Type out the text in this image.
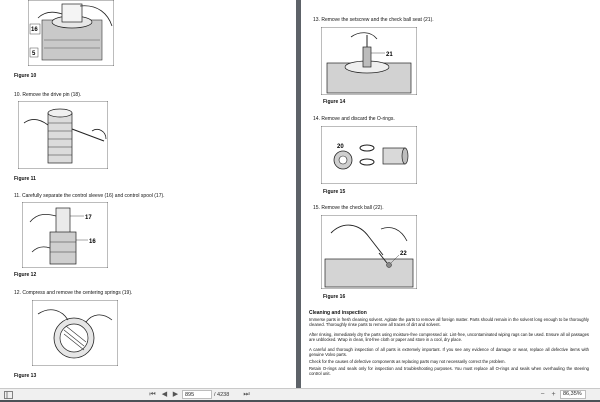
16
5
Figure 10
10. Remove the drive pin (18).
Figure 11
11. Carefully separate the control sleeve (16) and control spool (17).
17
16
Figure 12
12. Compress and remove the centering springs (19).
Figure 13
13. Remove the setscrew and the check ball seat (21).
21
Figure 14
14. Remove and discard the O-rings.
20
Figure 15
15. Remove the check ball (22).
22
Figure 16
Cleaning and inspection
Immerse parts in fresh cleaning solvent. Agitate the parts to remove all foreign matter. Parts should remain in the solvent long enough to be thoroughly cleaned. Thoroughly rinse parts to remove all traces of dirt and solvent.
After rinsing, immediately dry the parts using moisture-free compressed air. Lint-free, uncontaminated wiping rags can be used. Ensure all oil passages are unblocked. Wrap in clean, lint-free cloth or paper and store in a cool, dry place.
A careful and thorough inspection of all parts is extremely important. If you see any evidence of damage or wear, replace all defective items with genuine Volvo parts.
Check for the causes of defective components as replacing parts may not necessarily correct the problem.
Retain O-rings and seals only for inspection and troubleshooting purposes. You must replace all O-rings and seals when overhauling the steering control unit.
⏮ ◀ ▶
895	/ 4238 ⏭	− +	86,35%
